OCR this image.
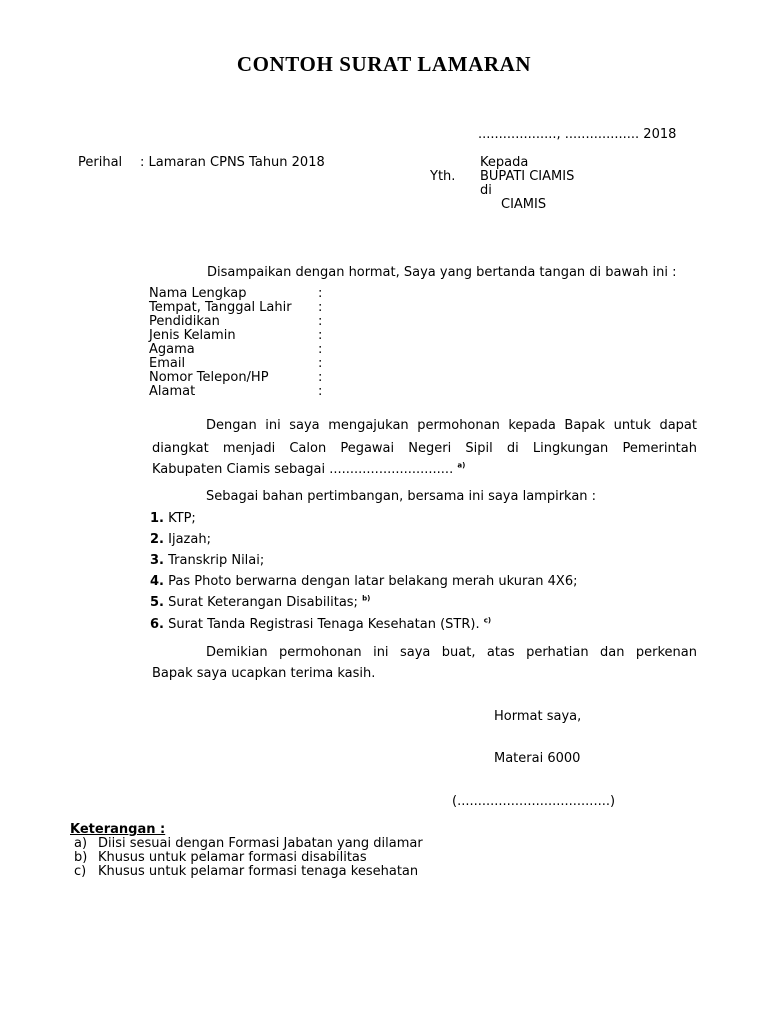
CONTOH SURAT LAMARAN
..................., .................. 2018
Perihal : Lamaran CPNS Tahun 2018	Kepada
Yth. BUPATI CIAMIS
di
CIAMIS
Disampaikan dengan hormat, Saya yang bertanda tangan di bawah ini :
Nama Lengkap	:
Tempat, Tanggal Lahir :
Pendidikan	:
Jenis Kelamin	:
Agama	:
Email	:
Nomor Telepon/HP	:
Alamat	:
Dengan ini saya mengajukan permohonan kepada Bapak untuk dapat
diangkat menjadi Calon Pegawai Negeri Sipil di Lingkungan Pemerintah
Kabupaten Ciamis sebagai .............................. $^{a)}$
Sebagai bahan pertimbangan, bersama ini saya lampirkan :
1. KTP;
2. Ijazah;
3. Transkrip Nilai;
4. Pas Photo berwarna dengan latar belakang merah ukuran 4X6;
5. Surat Keterangan Disabilitas; $^{b)}$
6. Surat Tanda Registrasi Tenaga Kesehatan (STR). $^{c)}$
Demikian permohonan ini saya buat, atas perhatian dan perkenan
Bapak saya ucapkan terima kasih.
Hormat saya,
Materai 6000
(.....................................)
Keterangan :
a) Diisi sesuai dengan Formasi Jabatan yang dilamar
b) Khusus untuk pelamar formasi disabilitas
c) Khusus untuk pelamar formasi tenaga kesehatan
